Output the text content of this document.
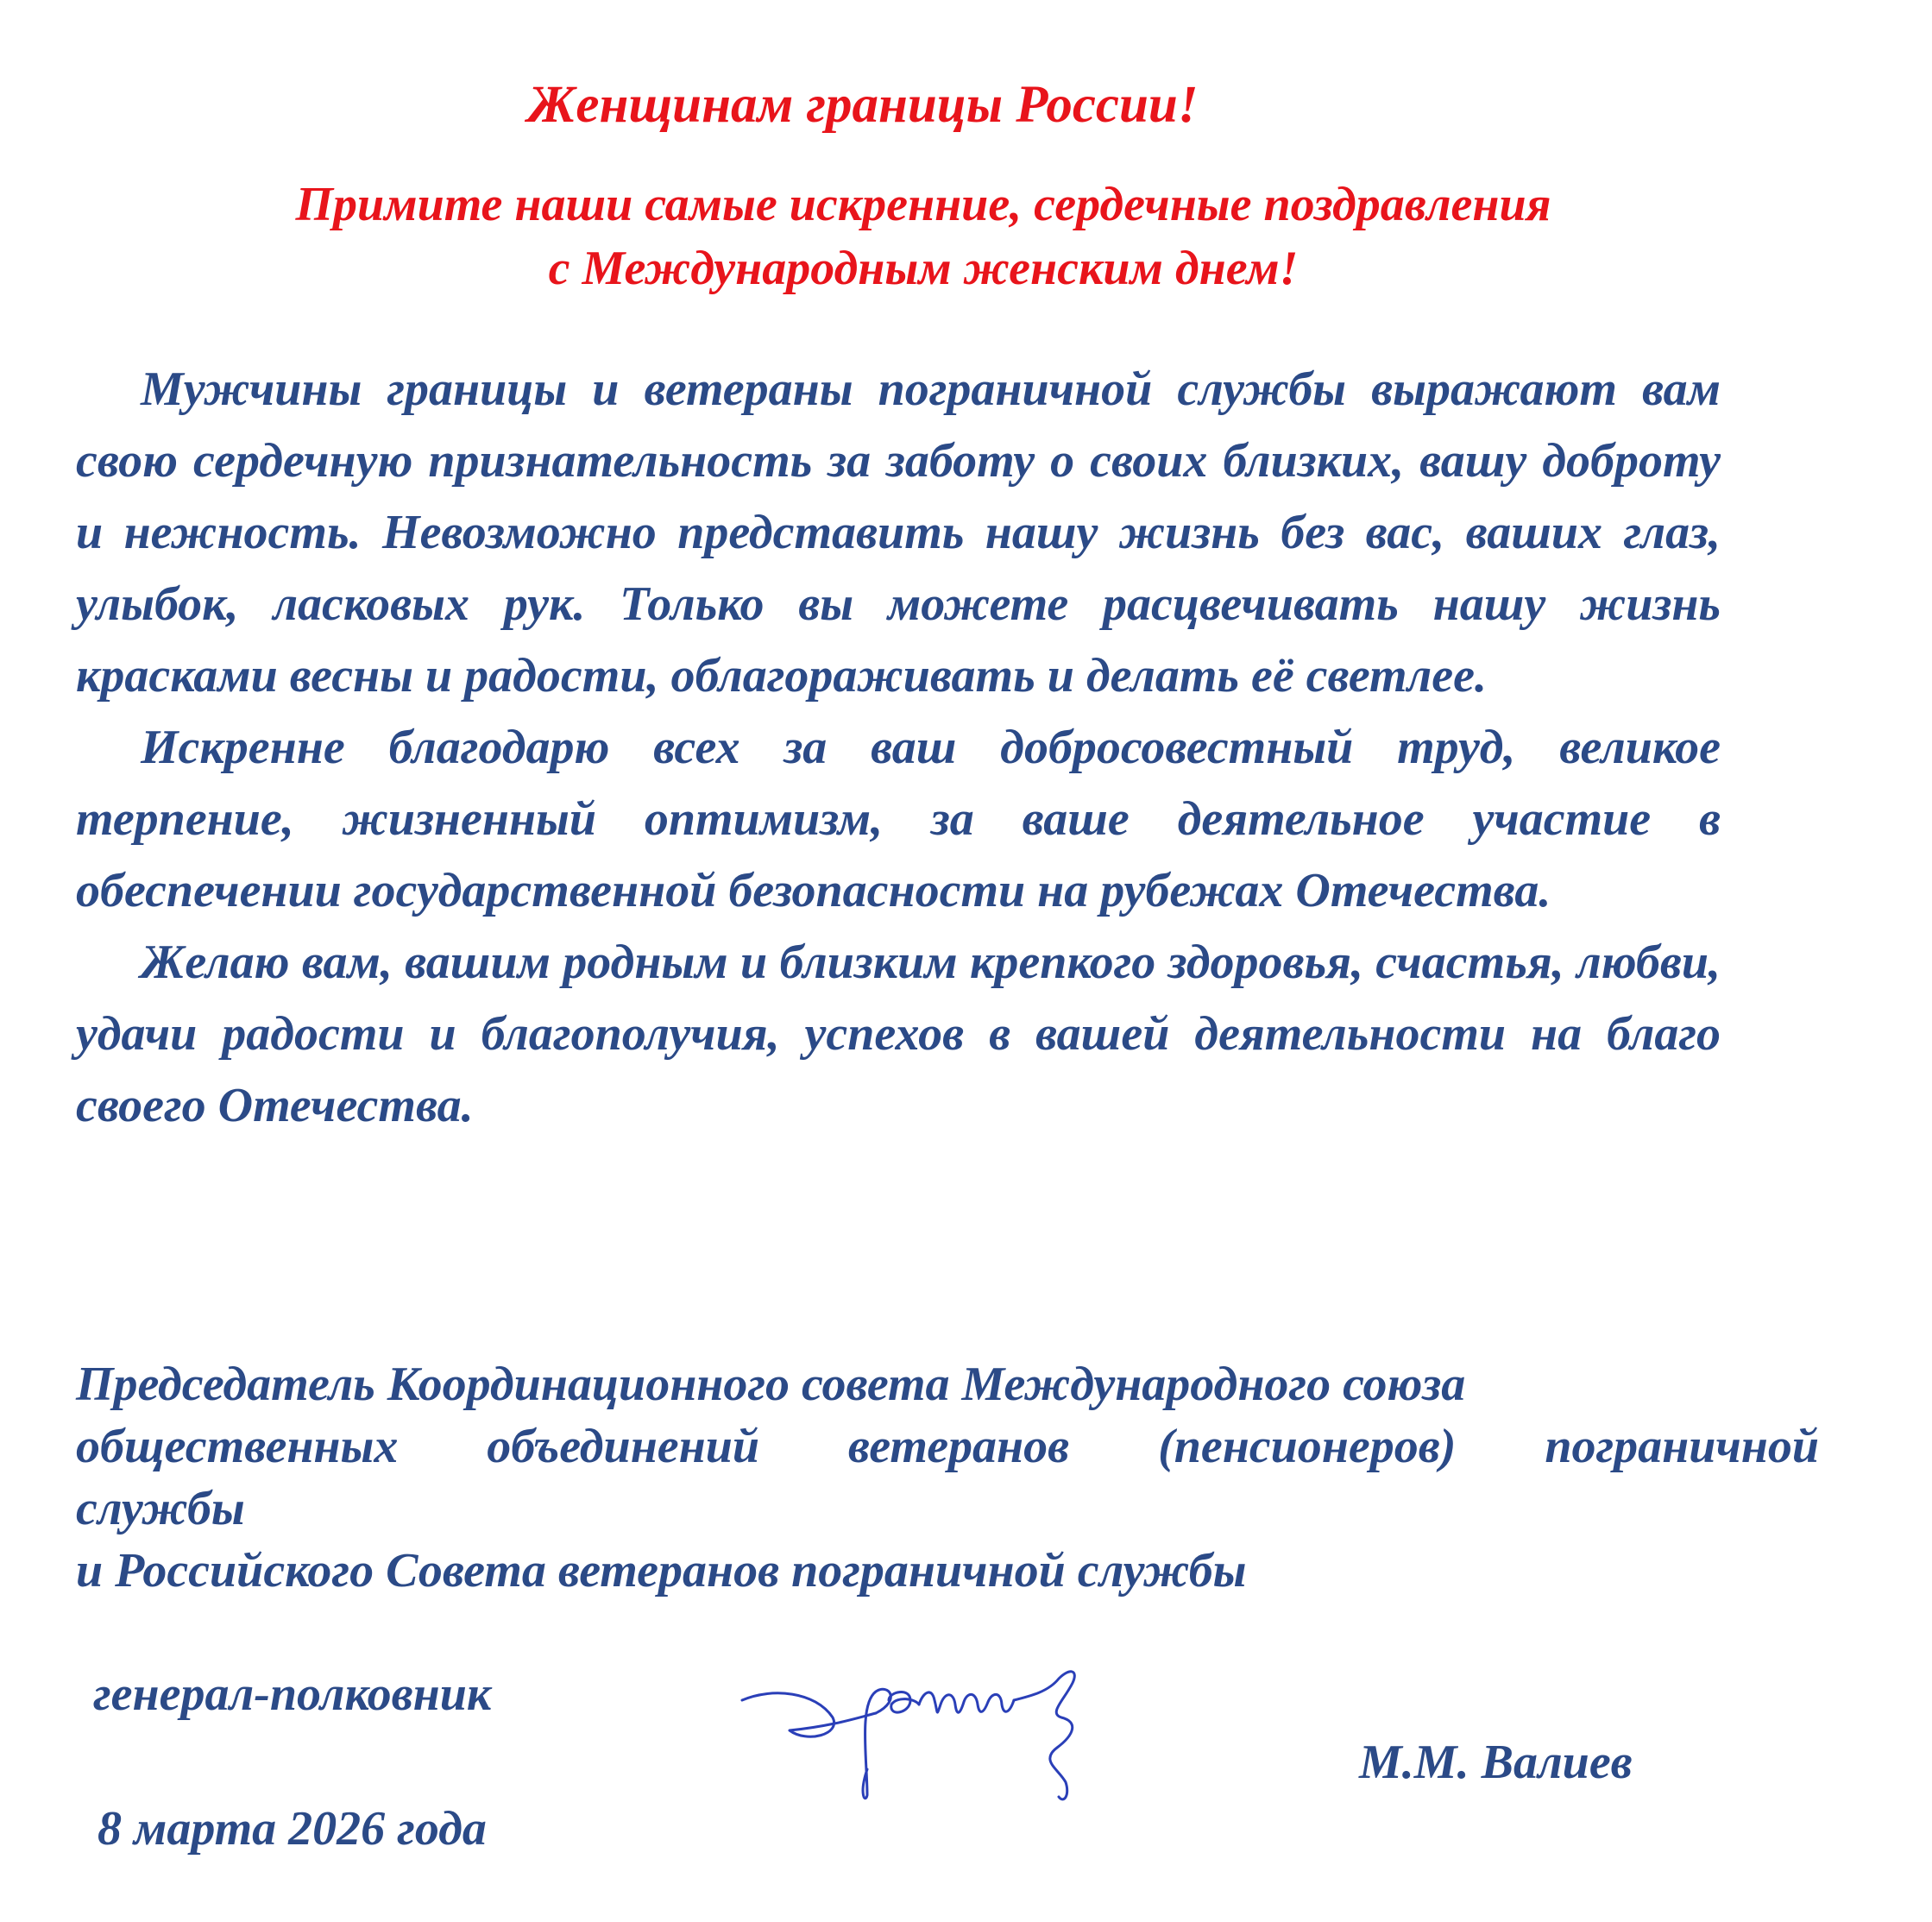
Женщинам границы России!
Примите наши самые искренние, сердечные поздравления
с Международным женским днем!

Мужчины границы и ветераны пограничной службы выражают вам свою сердечную признательность за заботу о своих близких, вашу доброту и нежность. Невозможно представить нашу жизнь без вас, ваших глаз, улыбок, ласковых рук. Только вы можете расцвечивать нашу жизнь красками весны и радости, облагораживать и делать её светлее.

Искренне благодарю всех за ваш добросовестный труд, великое терпение, жизненный оптимизм, за ваше деятельное участие в обеспечении государственной безопасности на рубежах Отечества.

Желаю вам, вашим родным и близким крепкого здоровья, счастья, любви, удачи радости и благополучия, успехов в вашей деятельности на благо своего Отечества.

Председатель Координационного совета Международного союза

общественных объединений ветеранов (пенсионеров) пограничной

службы

и Российского Совета ветеранов пограничной службы

генерал-полковник
М.М. Валиев
8 марта 2026 года
